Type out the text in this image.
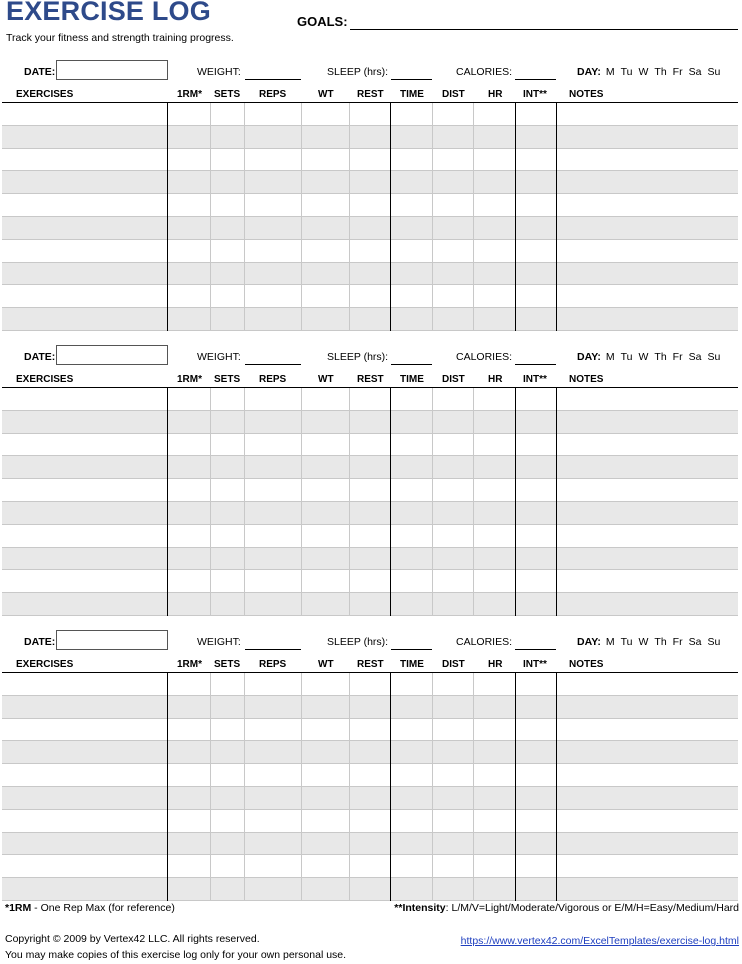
EXERCISE LOG
Track your fitness and strength training progress.
GOALS:
DATE:	WEIGHT:	SLEEP (hrs):	CALORIES:	DAY: M Tu W Th Fr Sa Su
EXERCISES	1RM* SETS REPS	WT REST TIME DIST HR INT** NOTES
DATE:	WEIGHT:	SLEEP (hrs):	CALORIES:	DAY: M Tu W Th Fr Sa Su
EXERCISES	1RM* SETS REPS	WT REST TIME DIST HR INT** NOTES
DATE:	WEIGHT:	SLEEP (hrs):	CALORIES:	DAY: M Tu W Th Fr Sa Su
EXERCISES	1RM* SETS REPS	WT REST TIME DIST HR INT** NOTES
*1RM - One Rep Max (for reference)	**Intensity: L/M/V=Light/Moderate/Vigorous or E/M/H=Easy/Medium/Hard
Copyright © 2009 by Vertex42 LLC. All rights reserved.
You may make copies of this exercise log only for your own personal use.
https://www.vertex42.com/ExcelTemplates/exercise-log.html
